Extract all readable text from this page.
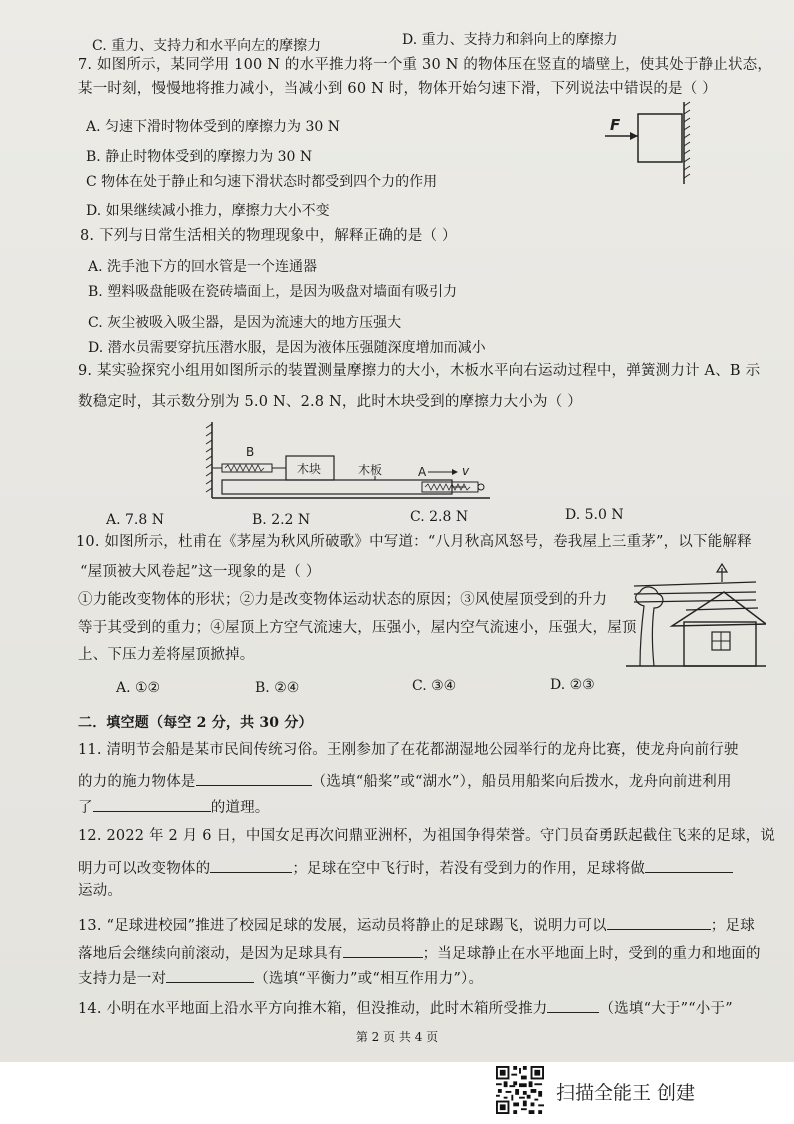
C. 重力、支持力和水平向左的摩擦力	D. 重力、支持力和斜向上的摩擦力
7. 如图所示，某同学用 100 N 的水平推力将一个重 30 N 的物体压在竖直的墙壁上，使其处于静止状态，
某一时刻，慢慢地将推力减小，当减小到 60 N 时，物体开始匀速下滑，下列说法中错误的是（ ）
A. 匀速下滑时物体受到的摩擦力为 30 N
B. 静止时物体受到的摩擦力为 30 N
C 物体在处于静止和匀速下滑状态时都受到四个力的作用
D. 如果继续减小推力，摩擦力大小不变
F
8. 下列与日常生活相关的物理现象中，解释正确的是（ ）
A. 洗手池下方的回水管是一个连通器
B. 塑料吸盘能吸在瓷砖墙面上，是因为吸盘对墙面有吸引力
C. 灰尘被吸入吸尘器，是因为流速大的地方压强大
D. 潜水员需要穿抗压潜水服，是因为液体压强随深度增加而减小
9. 某实验探究小组用如图所示的装置测量摩擦力的大小，木板水平向右运动过程中，弹簧测力计 A、B 示
数稳定时，其示数分别为 5.0 N、2.8 N，此时木块受到的摩擦力大小为（ ）
木块
B
木板	A	v
A. 7.8 N	B. 2.2 N	C. 2.8 N	D. 5.0 N
10. 如图所示，杜甫在《茅屋为秋风所破歌》中写道：“八月秋高风怒号，卷我屋上三重茅”，以下能解释
“屋顶被大风卷起”这一现象的是（ ）
①力能改变物体的形状；②力是改变物体运动状态的原因；③风使屋顶受到的升力
等于其受到的重力；④屋顶上方空气流速大，压强小，屋内空气流速小，压强大，屋顶
上、下压力差将屋顶掀掉。
A. ①②	B. ②④	C. ③④	D. ②③
二．填空题（每空 2 分，共 30 分）
11. 清明节会船是某市民间传统习俗。王刚参加了在花都湖湿地公园举行的龙舟比赛，使龙舟向前行驶
的力的施力物体是	（选填“船桨”或“湖水”），船员用船桨向后拨水，龙舟向前进利用
了	的道理。
12. 2022 年 2 月 6 日，中国女足再次问鼎亚洲杯，为祖国争得荣誉。守门员奋勇跃起截住飞来的足球，说
明力可以改变物体的	；足球在空中飞行时，若没有受到力的作用，足球将做
运动。
13. “足球进校园”推进了校园足球的发展，运动员将静止的足球踢飞，说明力可以	；足球
落地后会继续向前滚动，是因为足球具有	；当足球静止在水平地面上时，受到的重力和地面的
支持力是一对	（选填“平衡力”或“相互作用力”）。
14. 小明在水平地面上沿水平方向推木箱，但没推动，此时木箱所受推力	（选填“大于”“小于”
第 2 页 共 4 页
扫描全能王 创建
